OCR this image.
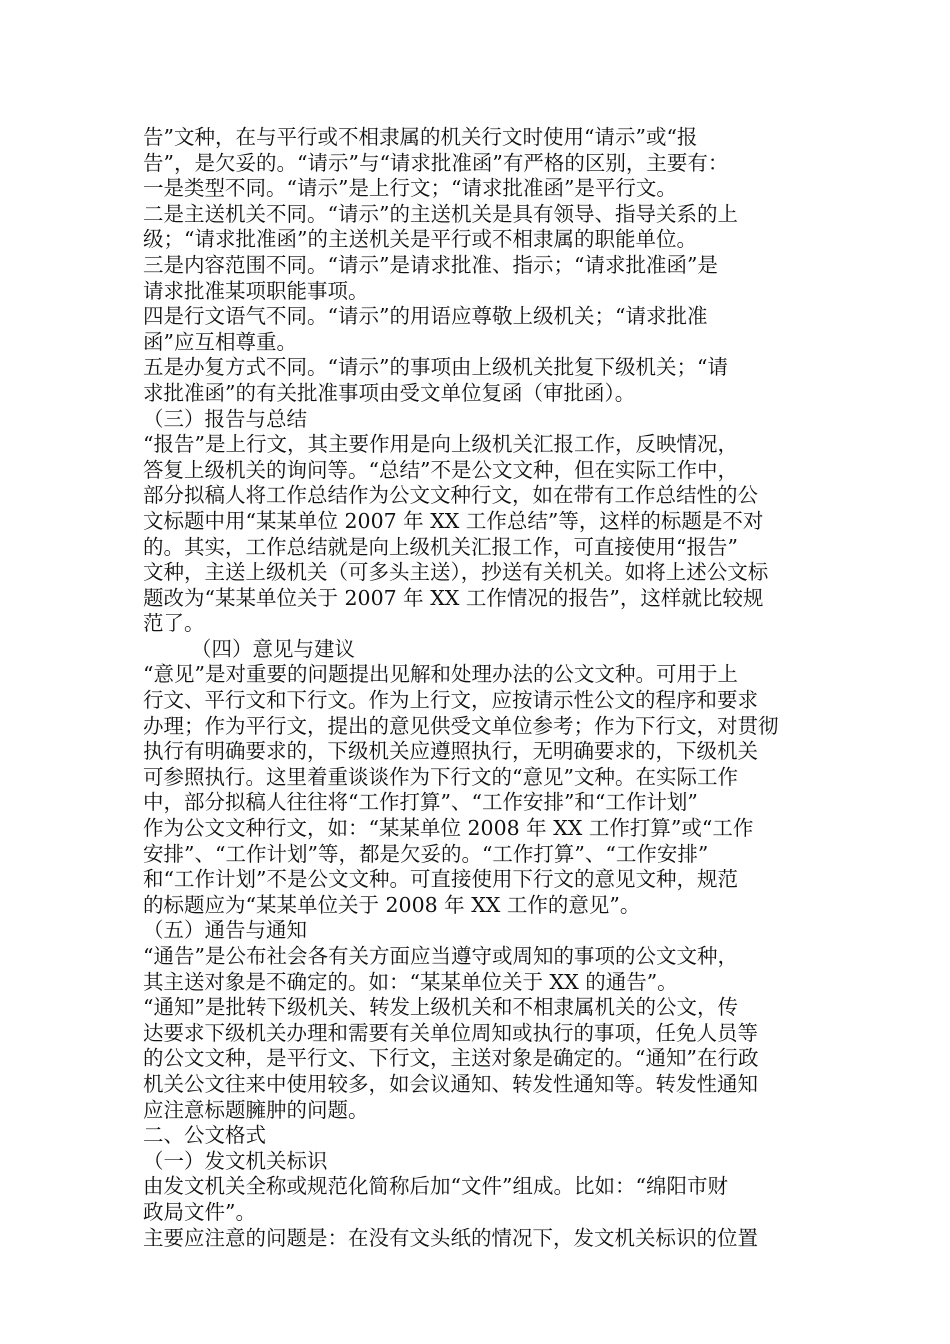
告”文种，在与平行或不相隶属的机关行文时使用“请示”或“报
告”，是欠妥的。“请示”与“请求批准函”有严格的区别，主要有：
一是类型不同。“请示”是上行文；“请求批准函”是平行文。
二是主送机关不同。“请示”的主送机关是具有领导、指导关系的上
级；“请求批准函”的主送机关是平行或不相隶属的职能单位。
三是内容范围不同。“请示”是请求批准、指示；“请求批准函”是
请求批准某项职能事项。
四是行文语气不同。“请示”的用语应尊敬上级机关；“请求批准
函”应互相尊重。
五是办复方式不同。“请示”的事项由上级机关批复下级机关；“请
求批准函”的有关批准事项由受文单位复函（审批函）。
（三）报告与总结
“报告”是上行文，其主要作用是向上级机关汇报工作，反映情况，
答复上级机关的询问等。“总结”不是公文文种，但在实际工作中，
部分拟稿人将工作总结作为公文文种行文，如在带有工作总结性的公
文标题中用“某某单位 2007 年 XX 工作总结”等，这样的标题是不对
的。其实，工作总结就是向上级机关汇报工作，可直接使用“报告”
文种，主送上级机关（可多头主送），抄送有关机关。如将上述公文标
题改为“某某单位关于 2007 年 XX 工作情况的报告”，这样就比较规
范了。
（四）意见与建议
“意见”是对重要的问题提出见解和处理办法的公文文种。可用于上
行文、平行文和下行文。作为上行文，应按请示性公文的程序和要求
办理；作为平行文，提出的意见供受文单位参考；作为下行文，对贯彻
执行有明确要求的，下级机关应遵照执行，无明确要求的，下级机关
可参照执行。这里着重谈谈作为下行文的“意见”文种。在实际工作
中，部分拟稿人往往将“工作打算”、“工作安排”和“工作计划”
作为公文文种行文，如：“某某单位 2008 年 XX 工作打算”或“工作
安排”、“工作计划”等，都是欠妥的。“工作打算”、“工作安排”
和“工作计划”不是公文文种。可直接使用下行文的意见文种，规范
的标题应为“某某单位关于 2008 年 XX 工作的意见”。
（五）通告与通知
“通告”是公布社会各有关方面应当遵守或周知的事项的公文文种，
其主送对象是不确定的。如：“某某单位关于 XX 的通告”。
“通知”是批转下级机关、转发上级机关和不相隶属机关的公文，传
达要求下级机关办理和需要有关单位周知或执行的事项，任免人员等
的公文文种，是平行文、下行文，主送对象是确定的。“通知”在行政
机关公文往来中使用较多，如会议通知、转发性通知等。转发性通知
应注意标题臃肿的问题。
二、公文格式
（一）发文机关标识
由发文机关全称或规范化简称后加“文件”组成。比如：“绵阳市财
政局文件”。
主要应注意的问题是：在没有文头纸的情况下，发文机关标识的位置
